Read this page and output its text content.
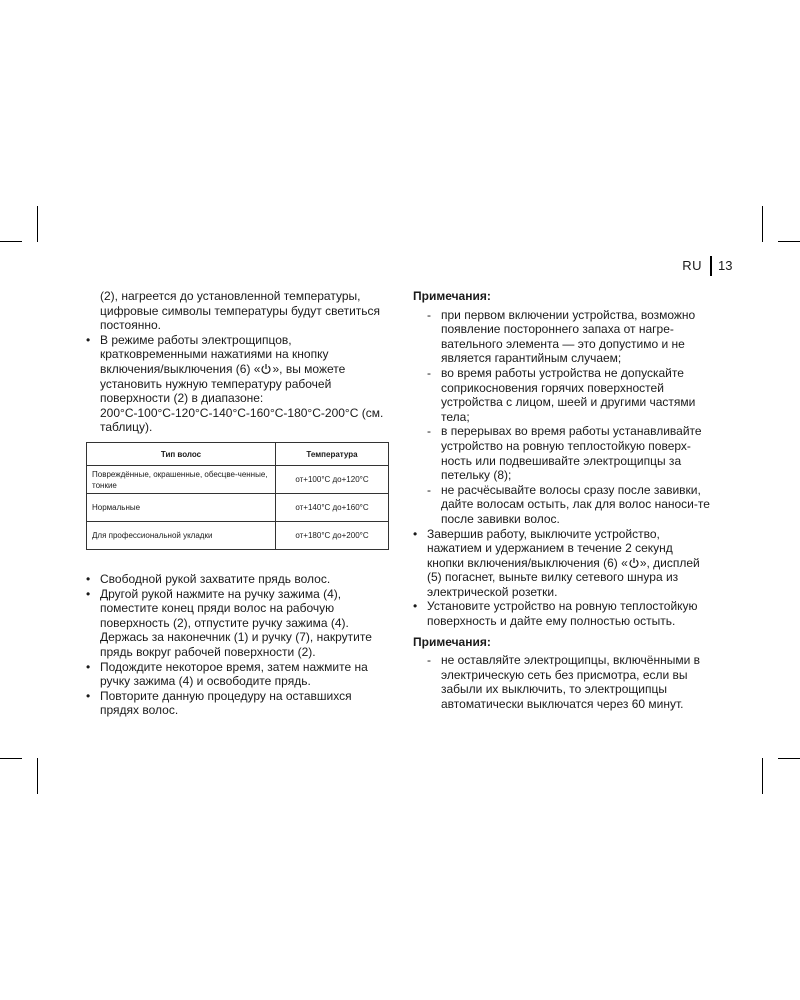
RU 13
(2), нагреется до установленной температуры, цифровые символы температуры будут светиться постоянно.
• В режиме работы электрощипцов, кратковременными нажатиями на кнопку включения/выключения (6) « », вы можете установить нужную температуру рабочей поверхности (2) в диапазоне: 200°С-100°С-120°С-140°С-160°С-180°С-200°С (см. таблицу).
Тип волос	Температура
Повреждённые, окрашенные, обесцве-ченные, тонкие	от+100°С до+120°С
Нормальные	от+140°С до+160°С
Для профессиональной укладки	от+180°С до+200°С
• Свободной рукой захватите прядь волос.
• Другой рукой нажмите на ручку зажима (4), поместите конец пряди волос на рабочую поверхность (2), отпустите ручку зажима (4). Держась за наконечник (1) и ручку (7), накрутите прядь вокруг рабочей поверхности (2).
• Подождите некоторое время, затем нажмите на ручку зажима (4) и освободите прядь.
• Повторите данную процедуру на оставшихся прядях волос.

Примечания:

- при первом включении устройства, возможно появление постороннего запаха от нагре-вательного элемента — это допустимо и не является гарантийным случаем;
- во время работы устройства не допускайте соприкосновения горячих поверхностей устройства с лицом, шеей и другими частями тела;
- в перерывах во время работы устанавливайте устройство на ровную теплостойкую поверх-ность или подвешивайте электрощипцы за петельку (8);
- не расчёсывайте волосы сразу после завивки, дайте волосам остыть, лак для волос наноси-те после завивки волос.
• Завершив работу, выключите устройство, нажатием и удержанием в течение 2 секунд кнопки включения/выключения (6) « », дисплей (5) погаснет, выньте вилку сетевого шнура из электрической розетки.
• Установите устройство на ровную теплостойкую поверхность и дайте ему полностью остыть.

Примечания:

- не оставляйте электрощипцы, включёнными в электрическую сеть без присмотра, если вы забыли их выключить, то электрощипцы автоматически выключатся через 60 минут.
